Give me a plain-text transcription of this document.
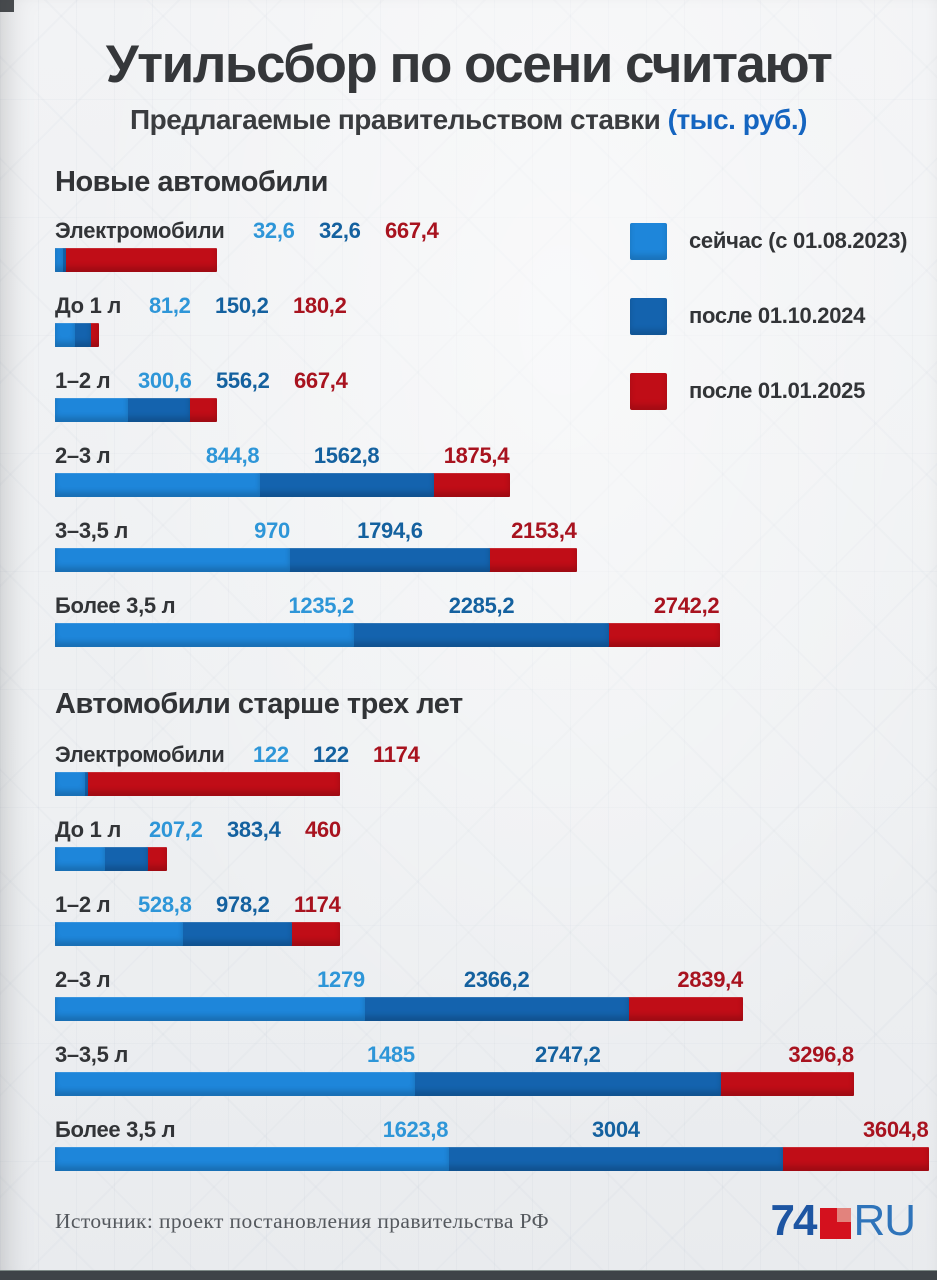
Утильсбор по осени считают
Предлагаемые правительством ставки (тыс. руб.)
Новые автомобили
Электромобили 32,6 32,6 667,4
До 1 л 81,2 150,2 180,2
1–2 л 300,6 556,2 667,4
2–3 л	844,8 1562,8	1875,4
3–3,5 л	970	1794,6	2153,4
Более 3,5 л	1235,2	2285,2	2742,2
сейчас (с 01.08.2023)
после 01.10.2024
после 01.01.2025
Автомобили старше трех лет
Электромобили 122 122 1174
До 1 л 207,2 383,4 460
1–2 л 528,8 978,2 1174
2–3 л	1279	2366,2	2839,4
3–3,5 л	1485	2747,2	3296,8
Более 3,5 л	1623,8	3004	3604,8
Источник: проект постановления правительства РФ	74 RU
